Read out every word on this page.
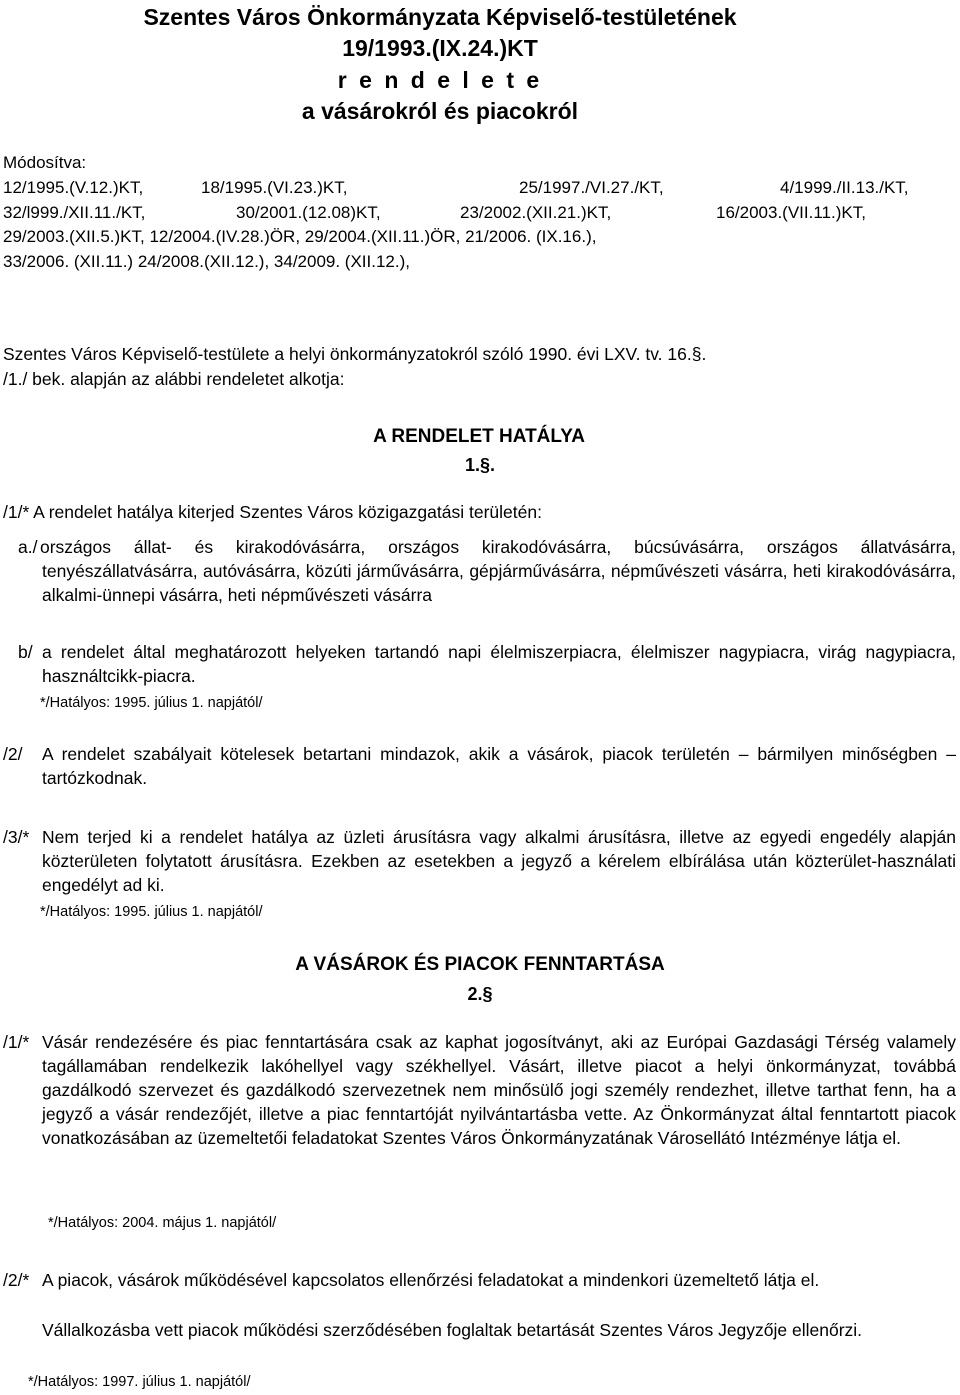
Szentes Város Önkormányzata Képviselő-testületének
19/1993.(IX.24.)KT
r e n d e l e t e
a vásárokról és piacokról

Módosítva:

12/1995.(V.12.)KT,	18/1995.(VI.23.)KT,	25/1997./VI.27./KT,	4/1999./II.13./KT,
32/l999./XII.11./KT,	30/2001.(12.08)KT,	23/2002.(XII.21.)KT,	16/2003.(VII.11.)KT,
29/2003.(XII.5.)KT, 12/2004.(IV.28.)ÖR, 29/2004.(XII.11.)ÖR, 21/2006. (IX.16.),
33/2006. (XII.11.) 24/2008.(XII.12.), 34/2009. (XII.12.),

Szentes Város Képviselő-testülete a helyi önkormányzatokról szóló 1990. évi LXV. tv. 16.§.

/1./ bek. alapján az alábbi rendeletet alkotja:

A RENDELET HATÁLYA

1.§.

/1/* A rendelet hatálya kiterjed Szentes Város közigazgatási területén:

a./ országos állat- és kirakodóvásárra, országos kirakodóvásárra, búcsúvásárra, országos állatvásárra, tenyészállatvásárra, autóvásárra, közúti járművásárra, gépjárművásárra, népművészeti vásárra, heti kirakodóvásárra, alkalmi-ünnepi vásárra, heti népművészeti vásárra

b/ a rendelet által meghatározott helyeken tartandó napi élelmiszerpiacra, élelmiszer nagypiacra, virág nagypiacra, használtcikk-piacra.

*/Hatályos: 1995. július 1. napjától/

/2/ A rendelet szabályait kötelesek betartani mindazok, akik a vásárok, piacok területén – bármilyen minőségben – tartózkodnak.

/3/* Nem terjed ki a rendelet hatálya az üzleti árusításra vagy alkalmi árusításra, illetve az egyedi engedély alapján közterületen folytatott árusításra. Ezekben az esetekben a jegyző a kérelem elbírálása után közterület-használati engedélyt ad ki.

*/Hatályos: 1995. július 1. napjától/

A VÁSÁROK ÉS PIACOK FENNTARTÁSA

2.§

/1/* Vásár rendezésére és piac fenntartására csak az kaphat jogosítványt, aki az Európai Gazdasági Térség valamely tagállamában rendelkezik lakóhellyel vagy székhellyel. Vásárt, illetve piacot a helyi önkormányzat, továbbá gazdálkodó szervezet és gazdálkodó szervezetnek nem minősülő jogi személy rendezhet, illetve tarthat fenn, ha a jegyző a vásár rendezőjét, illetve a piac fenntartóját nyilvántartásba vette. Az Önkormányzat által fenntartott piacok vonatkozásában az üzemeltetői feladatokat Szentes Város Önkormányzatának Városellátó Intézménye látja el.

*/Hatályos: 2004. május 1. napjától/

/2/* A piacok, vásárok működésével kapcsolatos ellenőrzési feladatokat a mindenkori üzemeltető látja el.

Vállalkozásba vett piacok működési szerződésében foglaltak betartását Szentes Város Jegyzője ellenőrzi.

*/Hatályos: 1997. július 1. napjától/
